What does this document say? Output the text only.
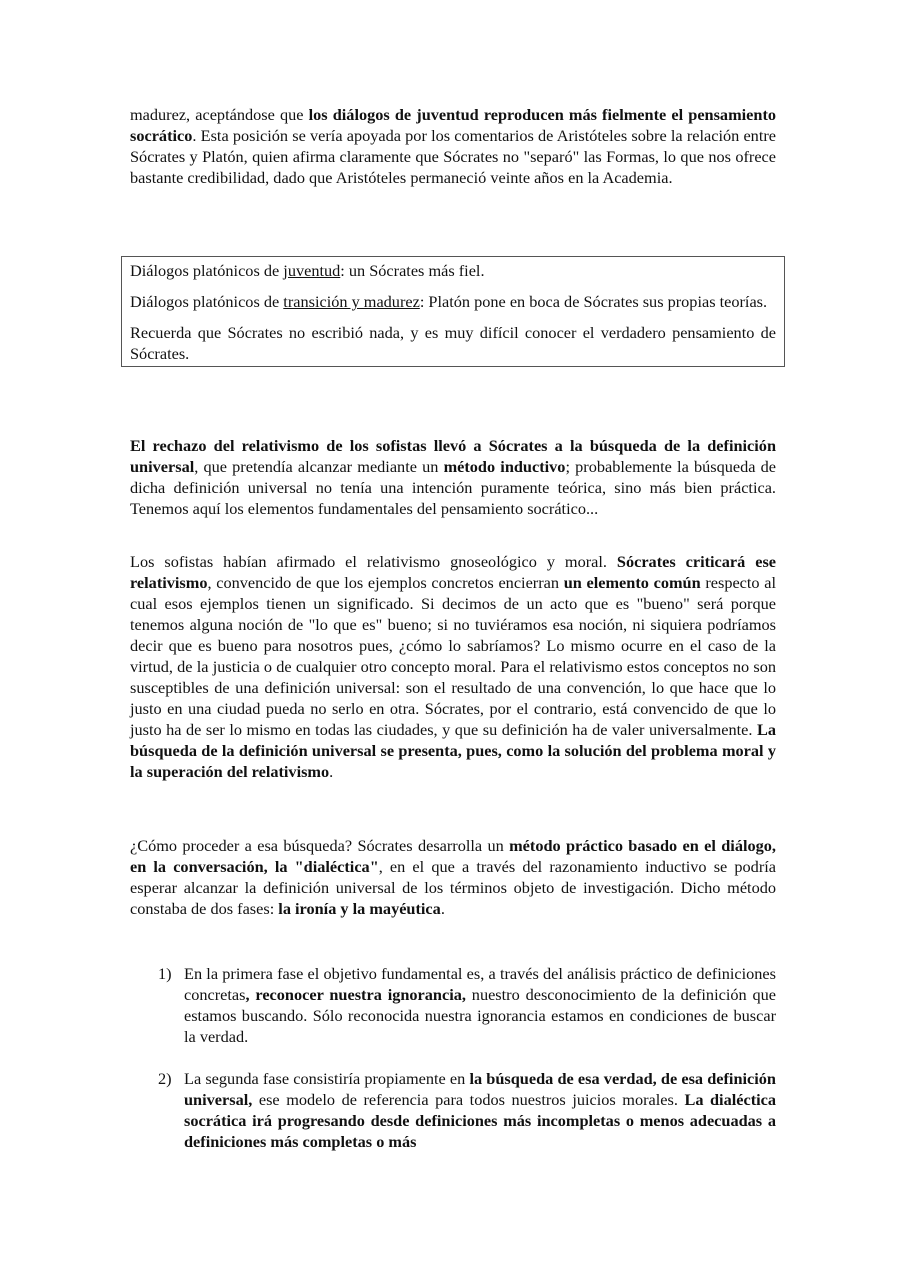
madurez, aceptándose que los diálogos de juventud reproducen más fielmente el pensamiento socrático. Esta posición se vería apoyada por los comentarios de Aristóteles sobre la relación entre Sócrates y Platón, quien afirma claramente que Sócrates no "separó" las Formas, lo que nos ofrece bastante credibilidad, dado que Aristóteles permaneció veinte años en la Academia.

Diálogos platónicos de juventud: un Sócrates más fiel.

Diálogos platónicos de transición y madurez: Platón pone en boca de Sócrates sus propias teorías.

Recuerda que Sócrates no escribió nada, y es muy difícil conocer el verdadero pensamiento de Sócrates.

El rechazo del relativismo de los sofistas llevó a Sócrates a la búsqueda de la definición universal, que pretendía alcanzar mediante un método inductivo; probablemente la búsqueda de dicha definición universal no tenía una intención puramente teórica, sino más bien práctica. Tenemos aquí los elementos fundamentales del pensamiento socrático...

Los sofistas habían afirmado el relativismo gnoseológico y moral. Sócrates criticará ese relativismo, convencido de que los ejemplos concretos encierran un elemento común respecto al cual esos ejemplos tienen un significado. Si decimos de un acto que es "bueno" será porque tenemos alguna noción de "lo que es" bueno; si no tuviéramos esa noción, ni siquiera podríamos decir que es bueno para nosotros pues, ¿cómo lo sabríamos? Lo mismo ocurre en el caso de la virtud, de la justicia o de cualquier otro concepto moral. Para el relativismo estos conceptos no son susceptibles de una definición universal: son el resultado de una convención, lo que hace que lo justo en una ciudad pueda no serlo en otra. Sócrates, por el contrario, está convencido de que lo justo ha de ser lo mismo en todas las ciudades, y que su definición ha de valer universalmente. La búsqueda de la definición universal se presenta, pues, como la solución del problema moral y la superación del relativismo.

¿Cómo proceder a esa búsqueda? Sócrates desarrolla un método práctico basado en el diálogo, en la conversación, la "dialéctica", en el que a través del razonamiento inductivo se podría esperar alcanzar la definición universal de los términos objeto de investigación. Dicho método constaba de dos fases: la ironía y la mayéutica.

1) En la primera fase el objetivo fundamental es, a través del análisis práctico de definiciones concretas, reconocer nuestra ignorancia, nuestro desconocimiento de la definición que estamos buscando. Sólo reconocida nuestra ignorancia estamos en condiciones de buscar la verdad.

2) La segunda fase consistiría propiamente en la búsqueda de esa verdad, de esa definición universal, ese modelo de referencia para todos nuestros juicios morales. La dialéctica socrática irá progresando desde definiciones más incompletas o menos adecuadas a definiciones más completas o más
